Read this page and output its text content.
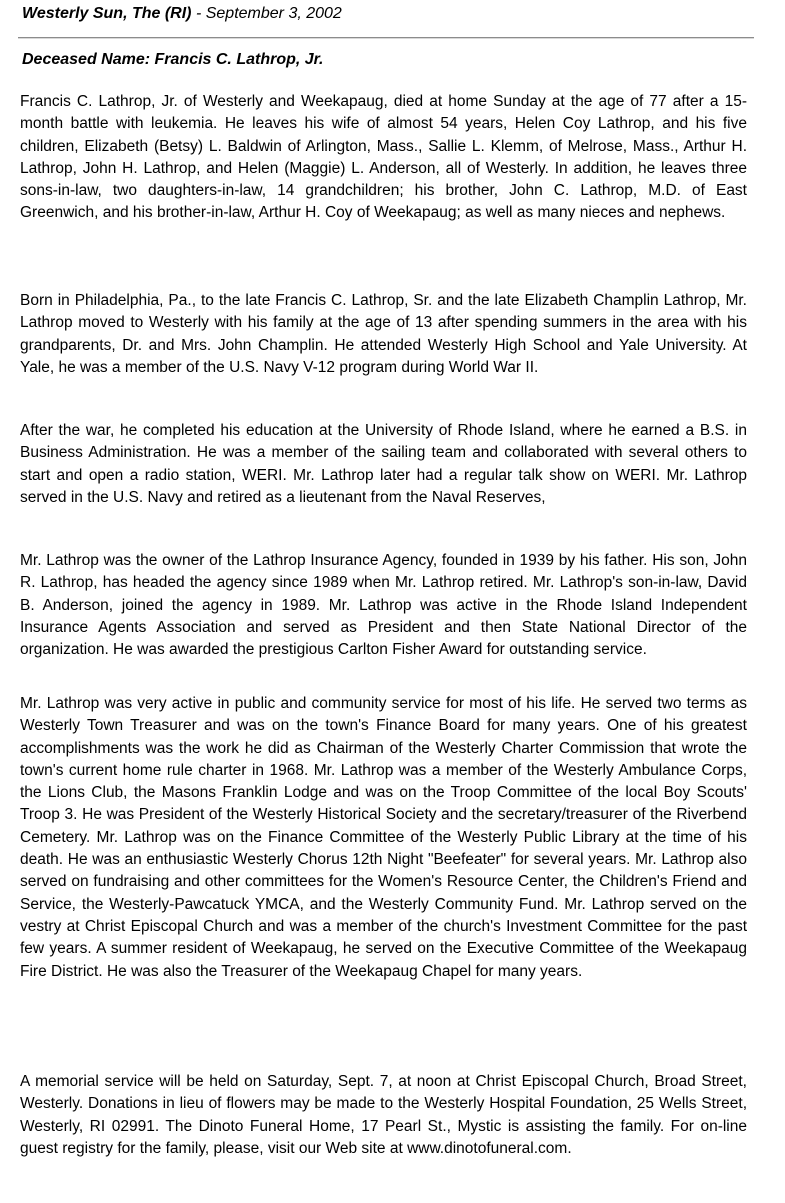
Westerly Sun, The (RI) - September 3, 2002
Deceased Name: Francis C. Lathrop, Jr.

Francis C. Lathrop, Jr. of Westerly and Weekapaug, died at home Sunday at the age of 77 after a 15-month battle with leukemia. He leaves his wife of almost 54 years, Helen Coy Lathrop, and his five children, Elizabeth (Betsy) L. Baldwin of Arlington, Mass., Sallie L. Klemm, of Melrose, Mass., Arthur H. Lathrop, John H. Lathrop, and Helen (Maggie) L. Anderson, all of Westerly. In addition, he leaves three sons-in-law, two daughters-in-law, 14 grandchildren; his brother, John C. Lathrop, M.D. of East Greenwich, and his brother-in-law, Arthur H. Coy of Weekapaug; as well as many nieces and nephews.

Born in Philadelphia, Pa., to the late Francis C. Lathrop, Sr. and the late Elizabeth Champlin Lathrop, Mr. Lathrop moved to Westerly with his family at the age of 13 after spending summers in the area with his grandparents, Dr. and Mrs. John Champlin. He attended Westerly High School and Yale University. At Yale, he was a member of the U.S. Navy V-12 program during World War II.

After the war, he completed his education at the University of Rhode Island, where he earned a B.S. in Business Administration. He was a member of the sailing team and collaborated with several others to start and open a radio station, WERI. Mr. Lathrop later had a regular talk show on WERI. Mr. Lathrop served in the U.S. Navy and retired as a lieutenant from the Naval Reserves,

Mr. Lathrop was the owner of the Lathrop Insurance Agency, founded in 1939 by his father. His son, John R. Lathrop, has headed the agency since 1989 when Mr. Lathrop retired. Mr. Lathrop's son-in-law, David B. Anderson, joined the agency in 1989. Mr. Lathrop was active in the Rhode Island Independent Insurance Agents Association and served as President and then State National Director of the organization. He was awarded the prestigious Carlton Fisher Award for outstanding service.

Mr. Lathrop was very active in public and community service for most of his life. He served two terms as Westerly Town Treasurer and was on the town's Finance Board for many years. One of his greatest accomplishments was the work he did as Chairman of the Westerly Charter Commission that wrote the town's current home rule charter in 1968. Mr. Lathrop was a member of the Westerly Ambulance Corps, the Lions Club, the Masons Franklin Lodge and was on the Troop Committee of the local Boy Scouts' Troop 3. He was President of the Westerly Historical Society and the secretary/treasurer of the Riverbend Cemetery. Mr. Lathrop was on the Finance Committee of the Westerly Public Library at the time of his death. He was an enthusiastic Westerly Chorus 12th Night "Beefeater" for several years. Mr. Lathrop also served on fundraising and other committees for the Women's Resource Center, the Children's Friend and Service, the Westerly-Pawcatuck YMCA, and the Westerly Community Fund. Mr. Lathrop served on the vestry at Christ Episcopal Church and was a member of the church's Investment Committee for the past few years. A summer resident of Weekapaug, he served on the Executive Committee of the Weekapaug Fire District. He was also the Treasurer of the Weekapaug Chapel for many years.

A memorial service will be held on Saturday, Sept. 7, at noon at Christ Episcopal Church, Broad Street, Westerly. Donations in lieu of flowers may be made to the Westerly Hospital Foundation, 25 Wells Street, Westerly, RI 02991. The Dinoto Funeral Home, 17 Pearl St., Mystic is assisting the family. For on-line guest registry for the family, please, visit our Web site at www.dinotofuneral.com.
